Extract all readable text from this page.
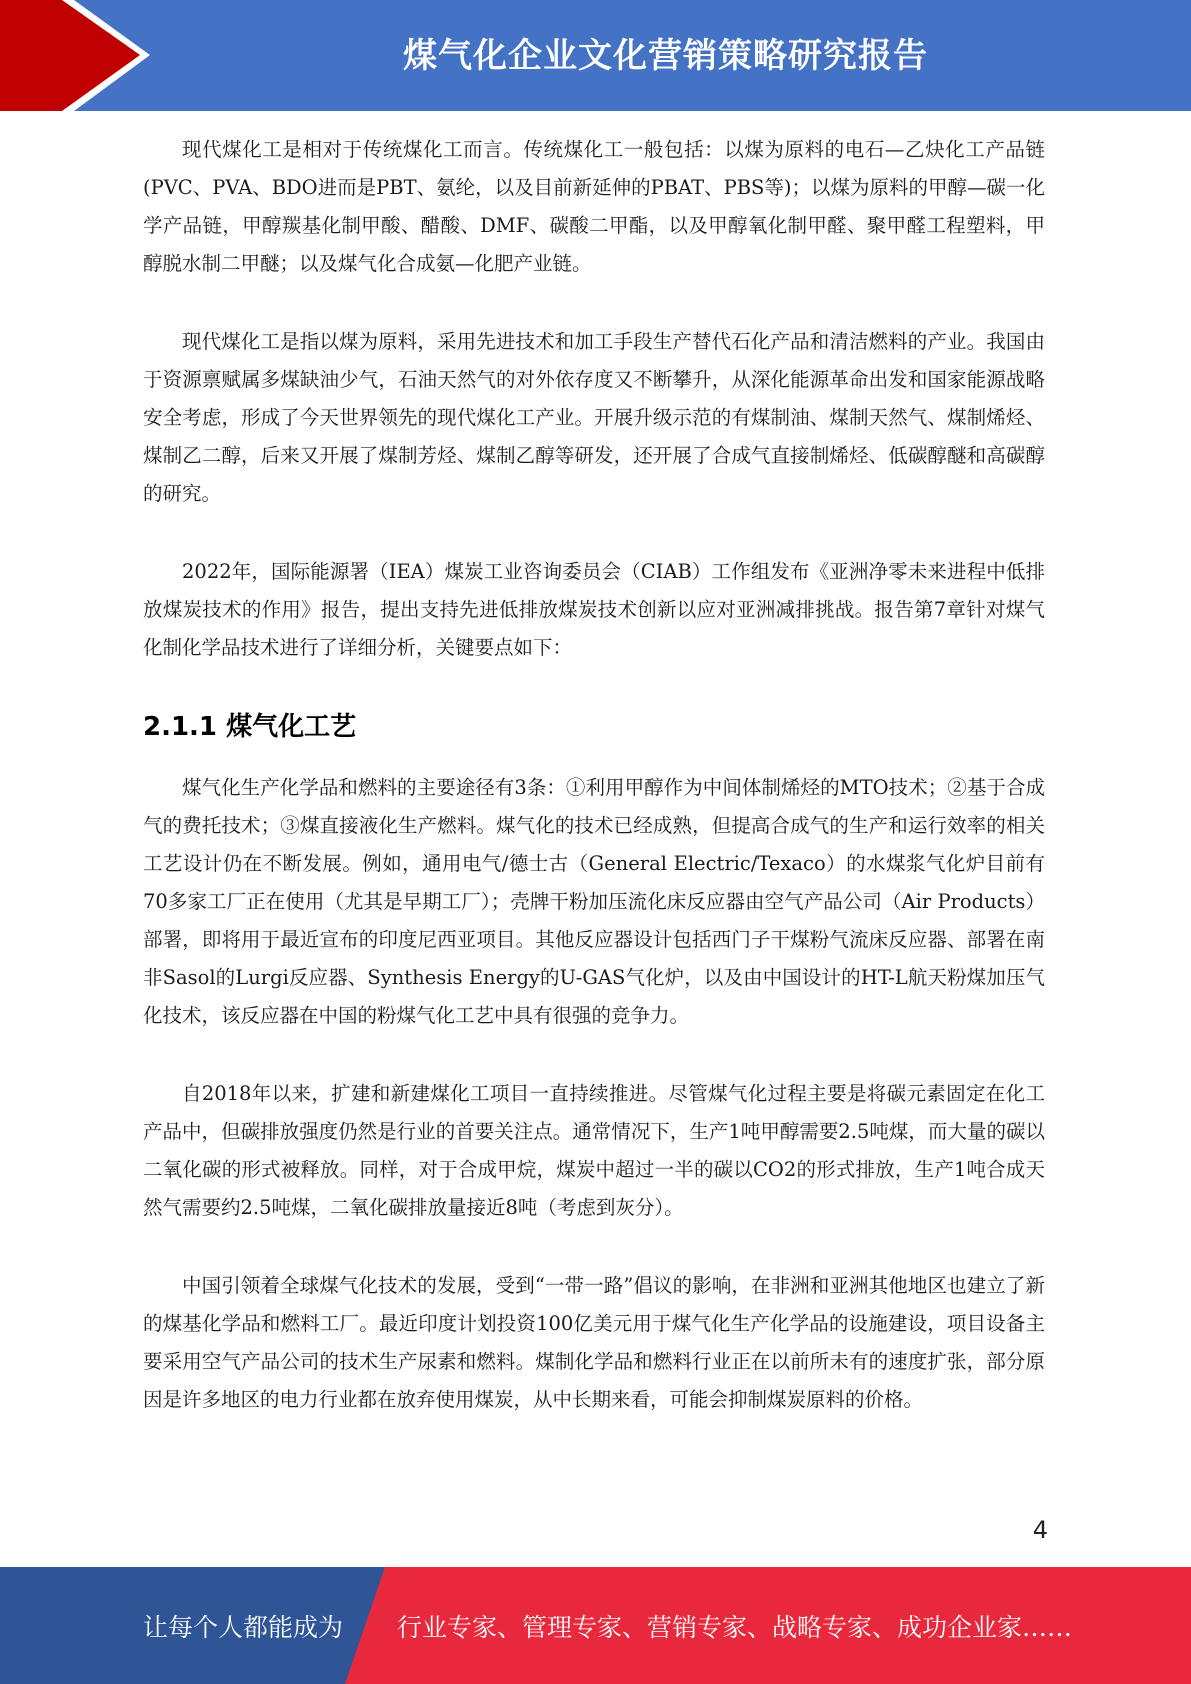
煤气化企业文化营销策略研究报告

现代煤化工是相对于传统煤化工而言。传统煤化工一般包括：以煤为原料的电石—乙炔化工产品链(PVC、PVA、BDO进而是PBT、氨纶，以及目前新延伸的PBAT、PBS等)；以煤为原料的甲醇—碳一化学产品链，甲醇羰基化制甲酸、醋酸、DMF、碳酸二甲酯，以及甲醇氧化制甲醛、聚甲醛工程塑料，甲醇脱水制二甲醚；以及煤气化合成氨—化肥产业链。

现代煤化工是指以煤为原料，采用先进技术和加工手段生产替代石化产品和清洁燃料的产业。我国由于资源禀赋属多煤缺油少气，石油天然气的对外依存度又不断攀升，从深化能源革命出发和国家能源战略安全考虑，形成了今天世界领先的现代煤化工产业。开展升级示范的有煤制油、煤制天然气、煤制烯烃、煤制乙二醇，后来又开展了煤制芳烃、煤制乙醇等研发，还开展了合成气直接制烯烃、低碳醇醚和高碳醇的研究。

2022年，国际能源署（IEA）煤炭工业咨询委员会（CIAB）工作组发布《亚洲净零未来进程中低排放煤炭技术的作用》报告，提出支持先进低排放煤炭技术创新以应对亚洲减排挑战。报告第7章针对煤气化制化学品技术进行了详细分析，关键要点如下：

2.1.1 煤气化工艺

煤气化生产化学品和燃料的主要途径有3条：①利用甲醇作为中间体制烯烃的MTO技术；②基于合成气的费托技术；③煤直接液化生产燃料。煤气化的技术已经成熟，但提高合成气的生产和运行效率的相关工艺设计仍在不断发展。例如，通用电气/德士古（General Electric/Texaco）的水煤浆气化炉目前有70多家工厂正在使用（尤其是早期工厂）；壳牌干粉加压流化床反应器由空气产品公司（Air Products）部署，即将用于最近宣布的印度尼西亚项目。其他反应器设计包括西门子干煤粉气流床反应器、部署在南非Sasol的Lurgi反应器、Synthesis Energy的U-GAS气化炉，以及由中国设计的HT-L航天粉煤加压气化技术，该反应器在中国的粉煤气化工艺中具有很强的竞争力。

自2018年以来，扩建和新建煤化工项目一直持续推进。尽管煤气化过程主要是将碳元素固定在化工产品中，但碳排放强度仍然是行业的首要关注点。通常情况下，生产1吨甲醇需要2.5吨煤，而大量的碳以二氧化碳的形式被释放。同样，对于合成甲烷，煤炭中超过一半的碳以CO2的形式排放，生产1吨合成天然气需要约2.5吨煤，二氧化碳排放量接近8吨（考虑到灰分）。

中国引领着全球煤气化技术的发展，受到“一带一路”倡议的影响，在非洲和亚洲其他地区也建立了新的煤基化学品和燃料工厂。最近印度计划投资100亿美元用于煤气化生产化学品的设施建设，项目设备主要采用空气产品公司的技术生产尿素和燃料。煤制化学品和燃料行业正在以前所未有的速度扩张，部分原因是许多地区的电力行业都在放弃使用煤炭，从中长期来看，可能会抑制煤炭原料的价格。

4
让每个人都能成为 行业专家、管理专家、营销专家、战略专家、成功企业家……
